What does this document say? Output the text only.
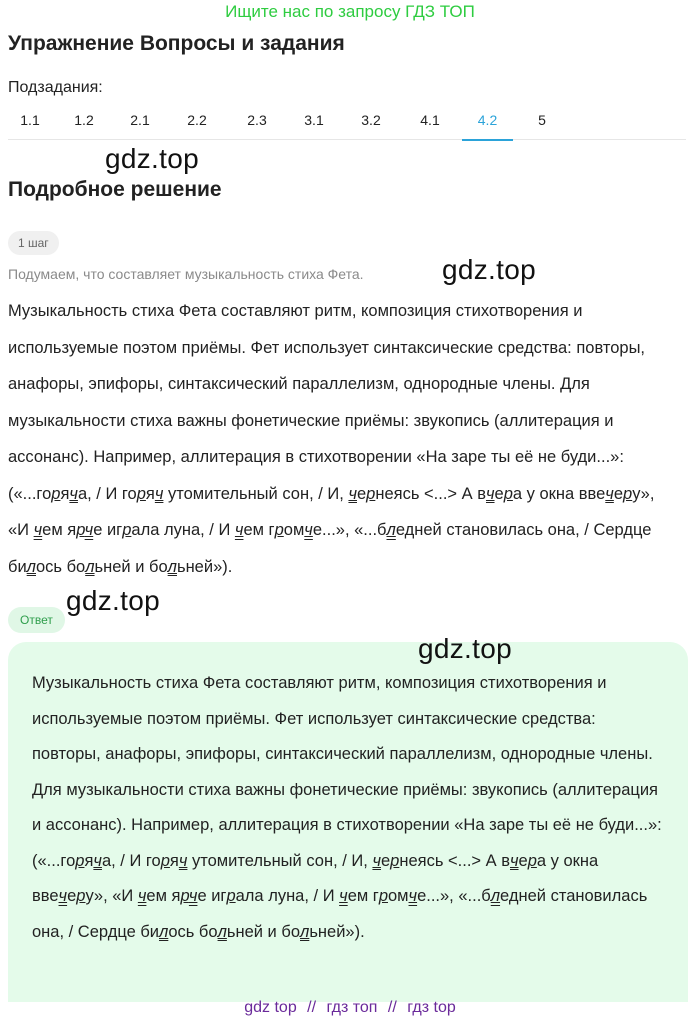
Ищите нас по запросу ГДЗ ТОП
Упражнение Вопросы и задания
Подзадания:
1.1	1.2	2.1	2.2	2.3	3.1	3.2	4.1	4.2	5
gdz.top
Подробное решение
1 шаг
Подумаем, что составляет музыкальность стиха Фета.	gdz.top
Музыкальность стиха Фета составляют ритм, композиция стихотворения и используемые поэтом приёмы. Фет использует синтаксические средства: повторы, анафоры, эпифоры, синтаксический параллелизм, однородные члены. Для музыкальности стиха важны фонетические приёмы: звукопись (аллитерация и ассонанс). Например, аллитерация в стихотворении «На заре ты её не буди...»: («...горяча, / И горяч утомительный сон, / И, чернеясь <...> А вчера у окна ввечеру», «И чем ярче играла луна, / И чем громче...», «...бледней становилась она, / Сердце билось больней и больней»).
gdz.top
Ответ
gdz.top
Музыкальность стиха Фета составляют ритм, композиция стихотворения и используемые поэтом приёмы. Фет использует синтаксические средства: повторы, анафоры, эпифоры, синтаксический параллелизм, однородные члены. Для музыкальности стиха важны фонетические приёмы: звукопись (аллитерация и ассонанс). Например, аллитерация в стихотворении «На заре ты её не буди...»: («...горяча, / И горяч утомительный сон, / И, чернеясь <...> А вчера у окна ввечеру», «И чем ярче играла луна, / И чем громче...», «...бледней становилась она, / Сердце билось больней и больней»).
gdz top // гдз топ // гдз top
